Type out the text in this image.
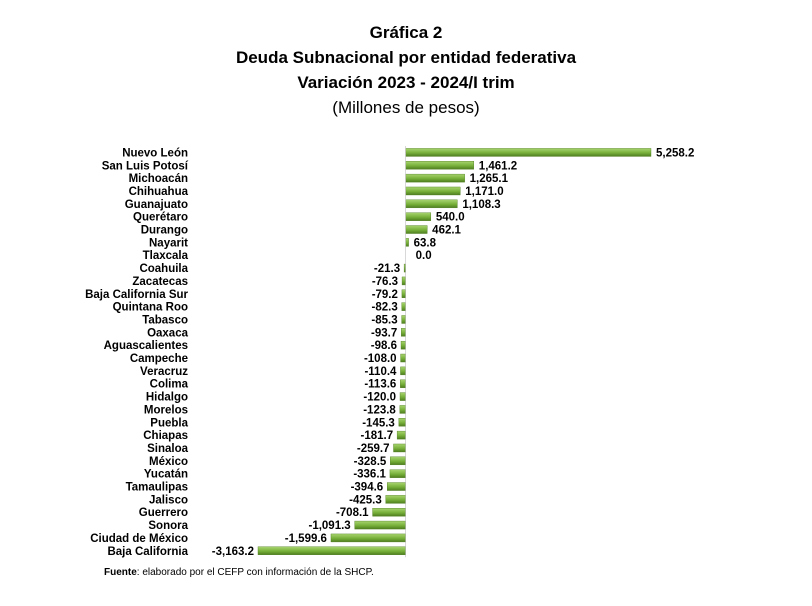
Gráfica 2
Deuda Subnacional por entidad federativa
Variación 2023 - 2024/I trim
(Millones de pesos)
Nuevo León	5,258.2
San Luis Potosí	1,461.2
Michoacán	1,265.1
Chihuahua	1,171.0
Guanajuato	1,108.3
Querétaro	540.0
Durango	462.1
Nayarit	63.8
Tlaxcala	0.0
Coahuila	-21.3
Zacatecas	-76.3
Baja California Sur	-79.2
Quintana Roo	-82.3
Tabasco	-85.3
Oaxaca	-93.7
Aguascalientes	-98.6
Campeche	-108.0
Veracruz	-110.4
Colima	-113.6
Hidalgo	-120.0
Morelos	-123.8
Puebla	-145.3
Chiapas	-181.7
Sinaloa	-259.7
México	-328.5
Yucatán	-336.1
Tamaulipas	-394.6
Jalisco	-425.3
Guerrero	-708.1
Sonora	-1,091.3
Ciudad de México	-1,599.6
Baja California -3,163.2
Fuente: elaborado por el CEFP con información de la SHCP.
